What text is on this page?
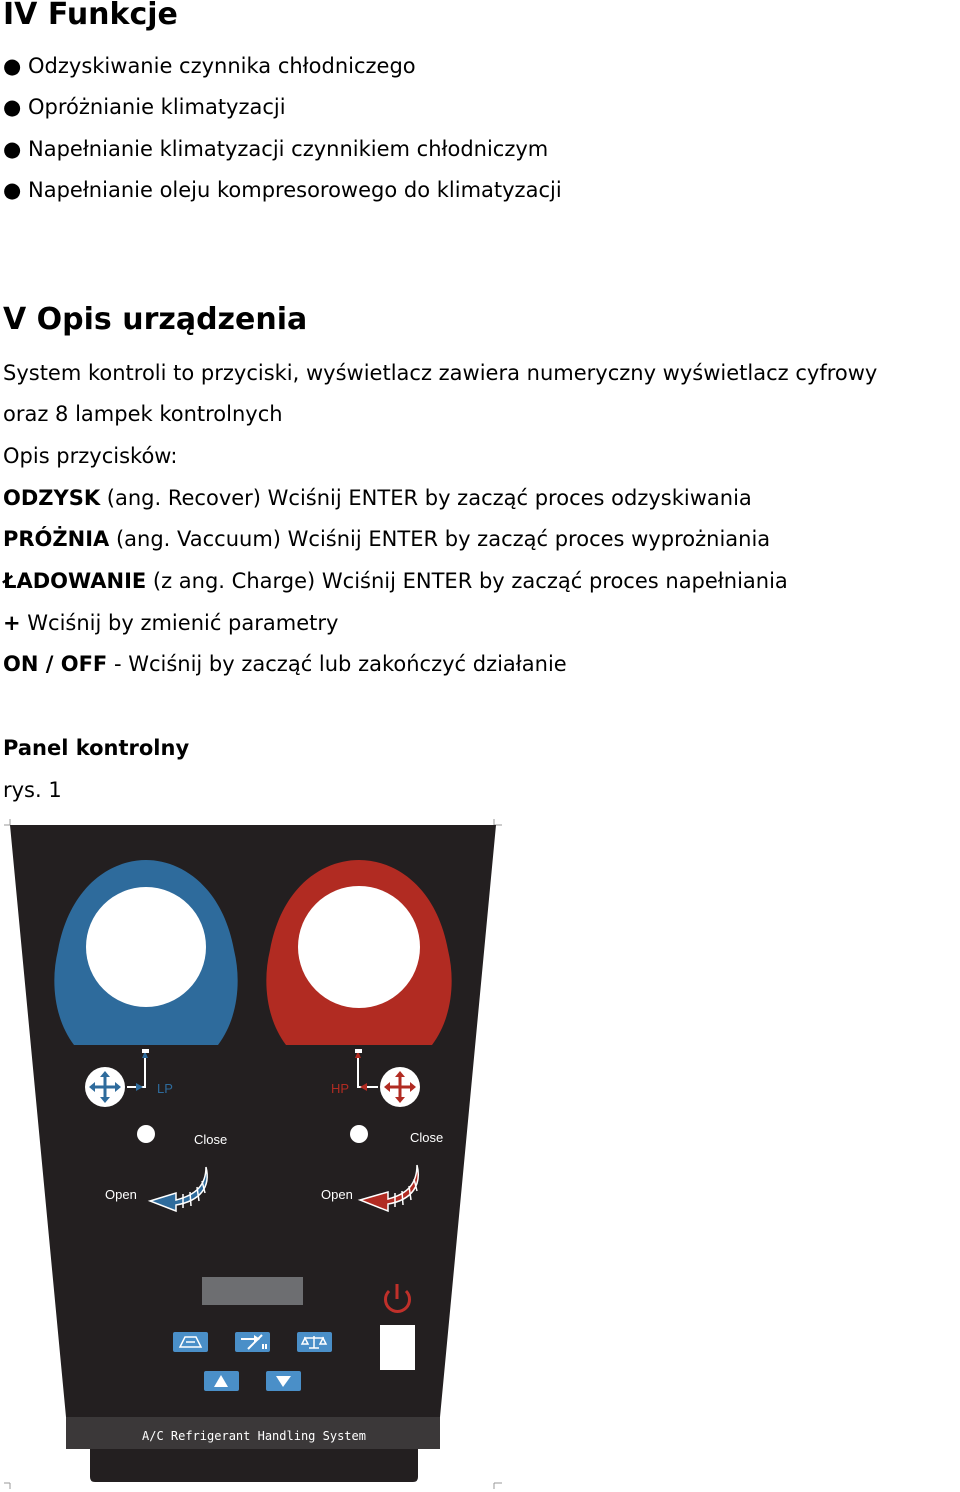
IV Funkcje
● Odzyskiwanie czynnika chłodniczego
● Opróżnianie klimatyzacji
● Napełnianie klimatyzacji czynnikiem chłodniczym
● Napełnianie oleju kompresorowego do klimatyzacji
V Opis urządzenia

System kontroli to przyciski, wyświetlacz zawiera numeryczny wyświetlacz cyfrowy

oraz 8 lampek kontrolnych

Opis przycisków:

ODZYSK (ang. Recover) Wciśnij ENTER by zacząć proces odzyskiwania

PRÓŻNIA (ang. Vaccuum) Wciśnij ENTER by zacząć proces wyprożniania

ŁADOWANIE (z ang. Charge) Wciśnij ENTER by zacząć proces napełniania

+ Wciśnij by zmienić parametry

ON / OFF - Wciśnij by zacząć lub zakończyć działanie

Panel kontrolny

rys. 1

A/C Refrigerant Handling System
LP	HP
Close
Open
Close
Open
